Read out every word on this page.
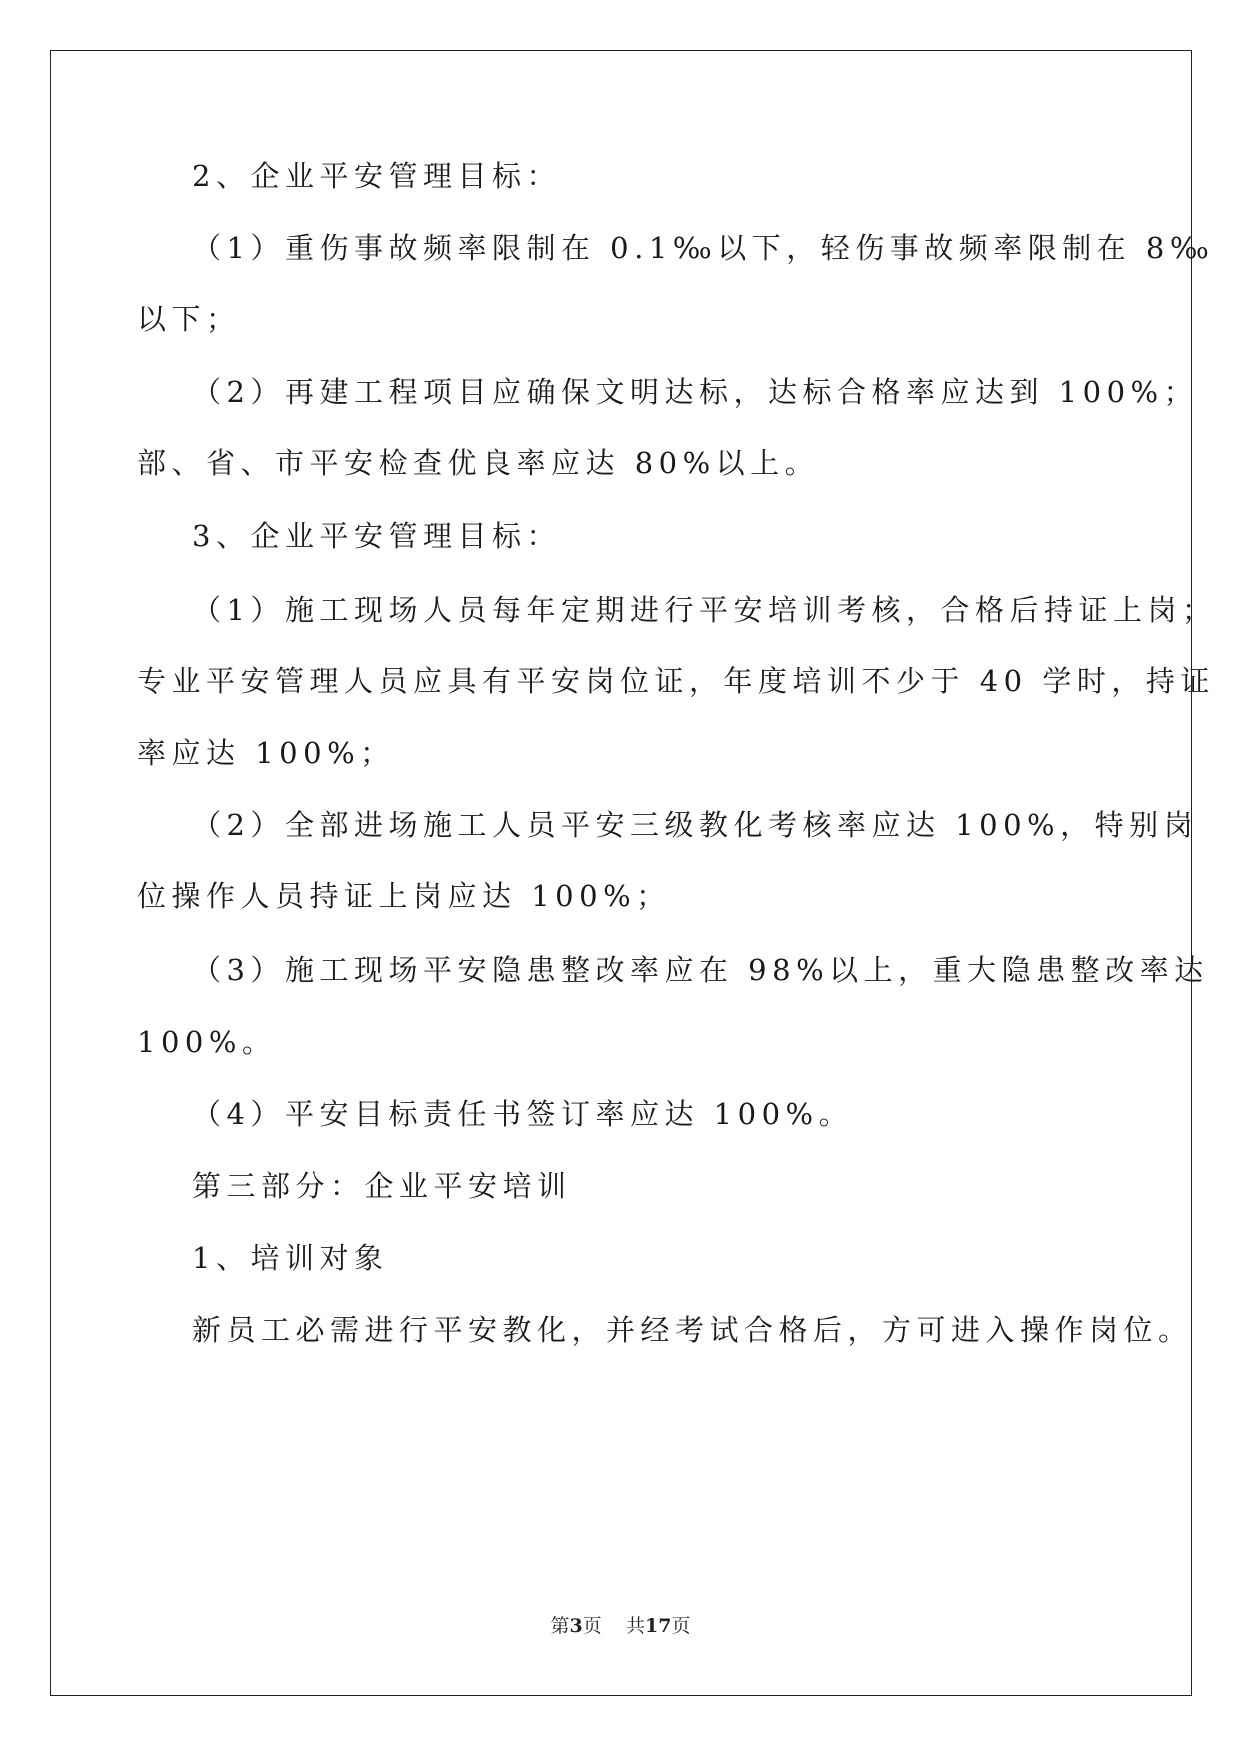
2、企业平安管理目标：

（1）重伤事故频率限制在 0.1‰以下，轻伤事故频率限制在 8‰

以下；

（2）再建工程项目应确保文明达标，达标合格率应达到 100%；

部、省、市平安检查优良率应达 80%以上。

3、企业平安管理目标：

（1）施工现场人员每年定期进行平安培训考核，合格后持证上岗；

专业平安管理人员应具有平安岗位证，年度培训不少于 40 学时，持证

率应达 100%；

（2）全部进场施工人员平安三级教化考核率应达 100%，特别岗

位操作人员持证上岗应达 100%；

（3）施工现场平安隐患整改率应在 98%以上，重大隐患整改率达

100%。

（4）平安目标责任书签订率应达 100%。

第三部分：企业平安培训

1、培训对象

新员工必需进行平安教化，并经考试合格后，方可进入操作岗位。

第3页 共17页
